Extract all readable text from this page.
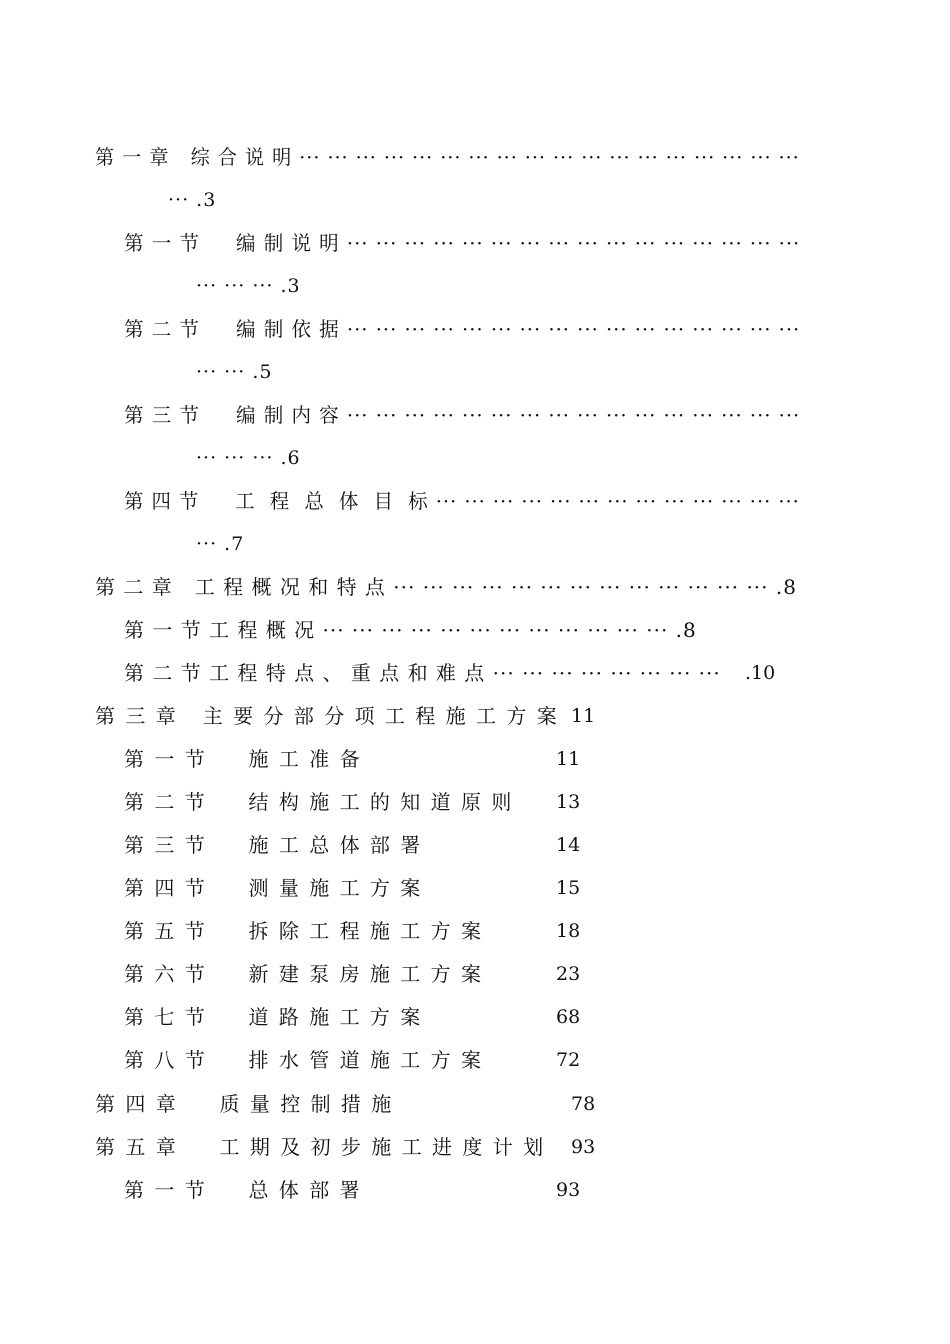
第 一 章   综 合 说 明 ··· ··· ··· ··· ··· ··· ··· ··· ··· ··· ··· ··· ··· ··· ··· ··· ··· ···
··· .3
第 一 节     编 制 说 明 ··· ··· ··· ··· ··· ··· ··· ··· ··· ··· ··· ··· ··· ··· ··· ···
··· ··· ··· .3
第 二 节     编 制 依 据 ··· ··· ··· ··· ··· ··· ··· ··· ··· ··· ··· ··· ··· ··· ··· ···
··· ··· .5
第 三 节     编 制 内 容 ··· ··· ··· ··· ··· ··· ··· ··· ··· ··· ··· ··· ··· ··· ··· ···
··· ··· ··· .6
第 四 节     工  程  总  体  目  标 ··· ··· ··· ··· ··· ··· ··· ··· ··· ··· ··· ··· ···
··· .7
第 二 章   工 程 概 况 和 特 点 ··· ··· ··· ··· ··· ··· ··· ··· ··· ··· ··· ··· ··· .8
第 一 节 工 程 概 况 ··· ··· ··· ··· ··· ··· ··· ··· ··· ··· ··· ··· .8
第 二 节 工 程 特 点 、 重 点 和 难 点 ··· ··· ··· ··· ··· ··· ··· ··· .10
第 三 章   主 要 分 部 分 项 工 程 施 工 方 案 11
第 一 节     施 工 准 备	11
第 二 节     结 构 施 工 的 知 道 原 则 13
第 三 节     施 工 总 体 部 署	14
第 四 节     测 量 施 工 方 案	15
第 五 节     拆 除 工 程 施 工 方 案	18
第 六 节     新 建 泵 房 施 工 方 案	23
第 七 节     道 路 施 工 方 案	68
第 八 节     排 水 管 道 施 工 方 案	72
第 四 章     质 量 控 制 措 施	78
第 五 章     工 期 及 初 步 施 工 进 度 计 划 93
第 一 节     总 体 部 署	93
